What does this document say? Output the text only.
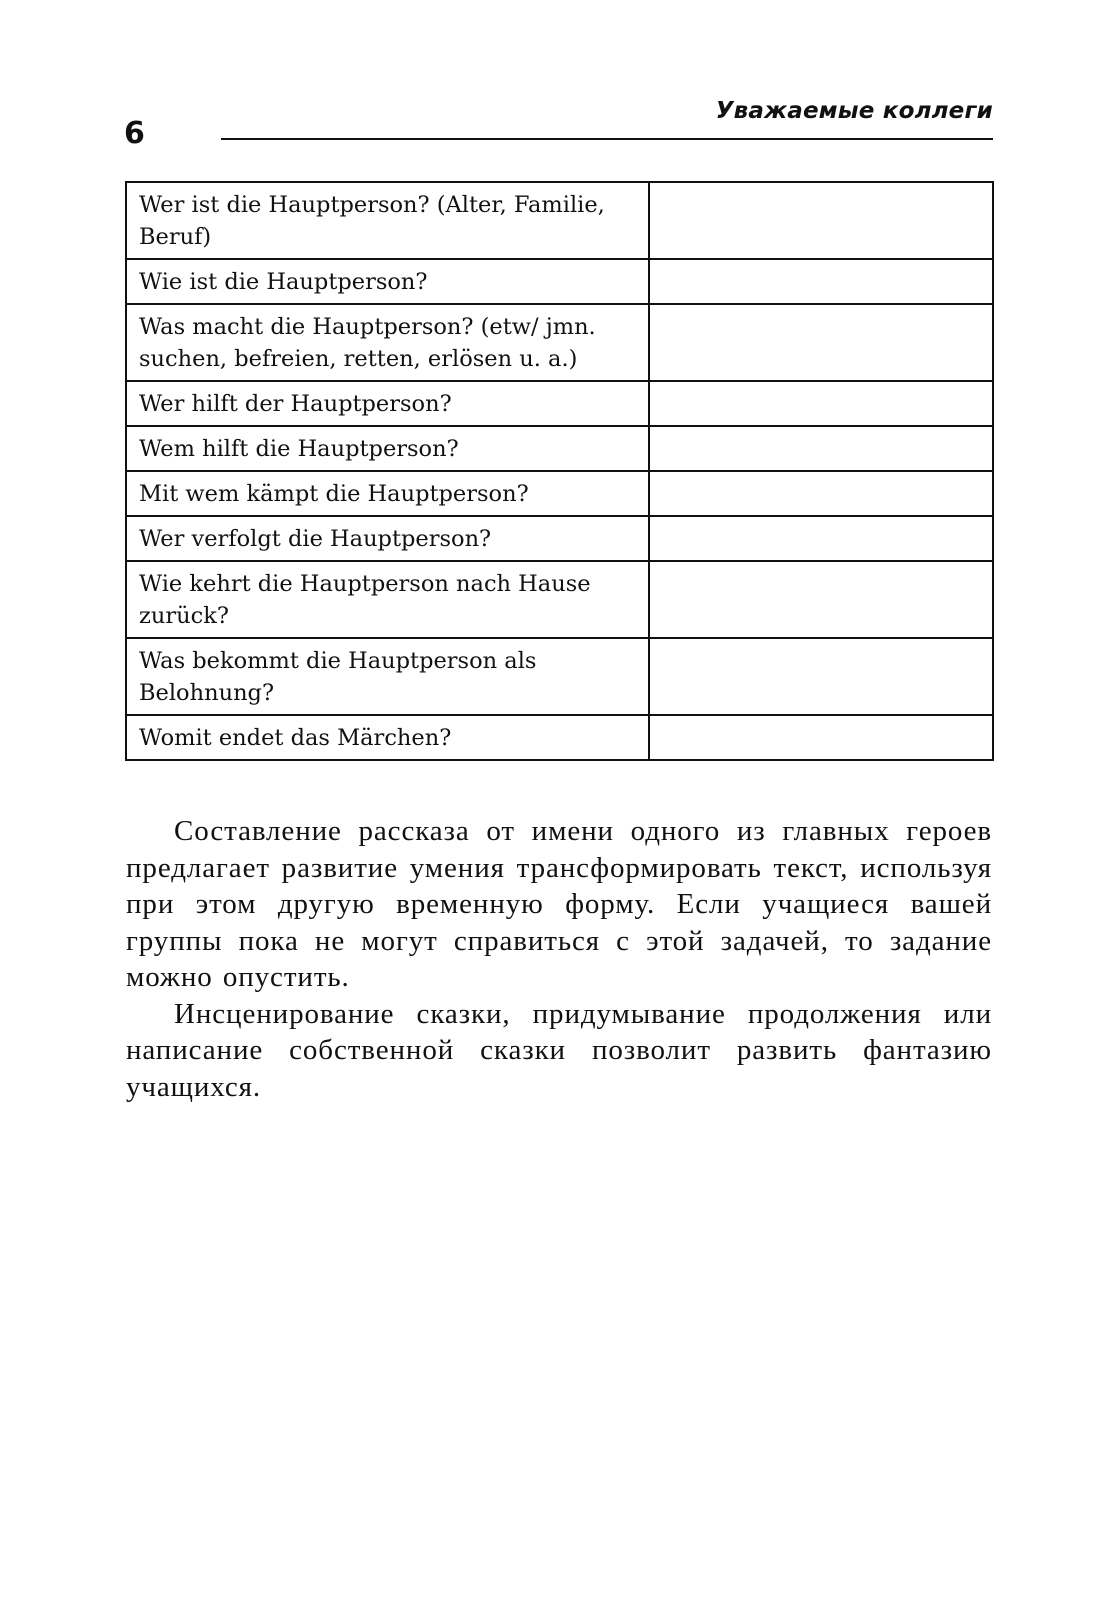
6
Уважаемые коллеги
Wer ist die Hauptperson? (Alter, Familie, Beruf)	
Wie ist die Hauptperson?	
Was macht die Hauptperson? (etw/ jmn. suchen, befreien, retten, erlösen u. a.)	
Wer hilft der Hauptperson?	
Wem hilft die Hauptperson?	
Mit wem kämpt die Hauptperson?	
Wer verfolgt die Hauptperson?	
Wie kehrt die Hauptperson nach Hause zurück?	
Was bekommt die Hauptperson als Belohnung?	
Womit endet das Märchen?	

Составление рассказа от имени одного из главных героев предлагает развитие умения трансформировать текст, используя при этом другую временную форму. Если учащиеся вашей группы пока не могут справиться с этой задачей, то задание можно опустить.

Инсценирование сказки, придумывание продолжения или написание собственной сказки позволит развить фантазию учащихся.
